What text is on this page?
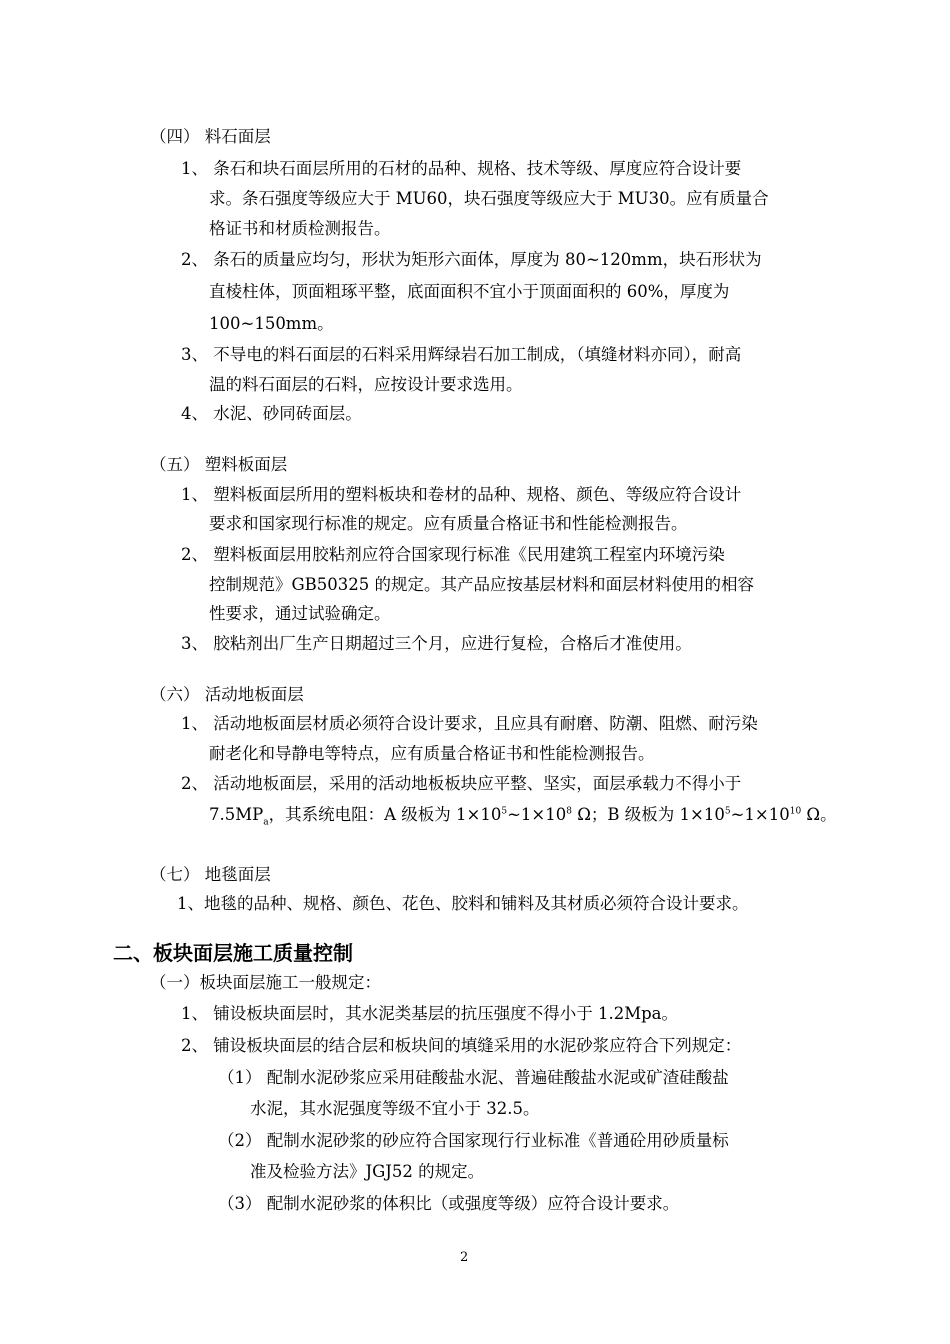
（四） 料石面层
1、 条石和块石面层所用的石材的品种、规格、技术等级、厚度应符合设计要
求。条石强度等级应大于 MU60，块石强度等级应大于 MU30。应有质量合
格证书和材质检测报告。
2、 条石的质量应均匀，形状为矩形六面体，厚度为 80~120mm，块石形状为
直棱柱体，顶面粗琢平整，底面面积不宜小于顶面面积的 60%，厚度为
100~150mm。
3、 不导电的料石面层的石料采用辉绿岩石加工制成，（填缝材料亦同），耐高
温的料石面层的石料，应按设计要求选用。
4、 水泥、砂同砖面层。
（五） 塑料板面层
1、 塑料板面层所用的塑料板块和卷材的品种、规格、颜色、等级应符合设计
要求和国家现行标准的规定。应有质量合格证书和性能检测报告。
2、 塑料板面层用胶粘剂应符合国家现行标准《民用建筑工程室内环境污染
控制规范》GB50325 的规定。其产品应按基层材料和面层材料使用的相容
性要求，通过试验确定。
3、 胶粘剂出厂生产日期超过三个月，应进行复检，合格后才准使用。
（六） 活动地板面层
1、 活动地板面层材质必须符合设计要求，且应具有耐磨、防潮、阻燃、耐污染
耐老化和导静电等特点，应有质量合格证书和性能检测报告。
2、 活动地板面层，采用的活动地板板块应平整、坚实，面层承载力不得小于
$7.5MP_a$，其系统电阻：A 级板为 $1\times 10^5\sim 1\times 10^8$ Ω；B 级板为 $1\times 10^5\sim 1\times 10^{10}$ Ω。
（七） 地毯面层
1、地毯的品种、规格、颜色、花色、胶料和铺料及其材质必须符合设计要求。
二、板块面层施工质量控制
（一）板块面层施工一般规定：
1、 铺设板块面层时，其水泥类基层的抗压强度不得小于 1.2Mpa。
2、 铺设板块面层的结合层和板块间的填缝采用的水泥砂浆应符合下列规定：
（1） 配制水泥砂浆应采用硅酸盐水泥、普遍硅酸盐水泥或矿渣硅酸盐
水泥，其水泥强度等级不宜小于 32.5。
（2） 配制水泥砂浆的砂应符合国家现行行业标准《普通砼用砂质量标
准及检验方法》JGJ52 的规定。
（3） 配制水泥砂浆的体积比（或强度等级）应符合设计要求。
2
